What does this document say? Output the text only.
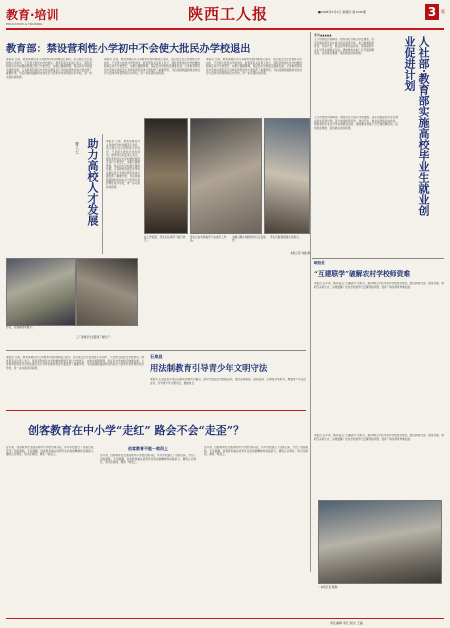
教育·培训
EDUCATION & TRAINING
陕西工人报	■2008年5月1日 星期四 第1345期	3	版
教育部：禁设营利性小学初中不会使大批民办学校退出
本报讯 日前，教育部就民办义务教育学校问题答记者问，表示禁止设立营利性小学初中，不会使大批民办学校退出。教育部有关负责人表示，现有营利性民办学校要按照规定进行分类登记，实施过渡期管理，保证民办学校稳定健康发展。义务教育阶段民办学校在满足家长多样化教育需求方面发挥了重要作用，今后将继续鼓励和支持社会力量举办非营利性民办学校，进一步完善扶持政策。
本报讯 日前，教育部就民办义务教育学校问题答记者问，表示禁止设立营利性小学初中，不会使大批民办学校退出。教育部有关负责人表示，现有营利性民办学校要按照规定进行分类登记，实施过渡期管理，保证民办学校稳定健康发展。义务教育阶段民办学校在满足家长多样化教育需求方面发挥了重要作用，今后将继续鼓励和支持社会力量举办非营利性民办学校，进一步完善扶持政策。
本报讯 日前，教育部就民办义务教育学校问题答记者问，表示禁止设立营利性小学初中，不会使大批民办学校退出。教育部有关负责人表示，现有营利性民办学校要按照规定进行分类登记，实施过渡期管理，保证民办学校稳定健康发展。义务教育阶段民办学校在满足家长多样化教育需求方面发挥了重要作用，今后将继续鼓励和支持社会力量举办非营利性民办学校，进一步完善扶持政策。
助力高校人才发展
曹八七
本报讯 日前，教育部就民办义务教育学校问题答记者问，表示禁止设立营利性小学初中，不会使大批民办学校退出。教育部有关负责人表示，现有营利性民办学校要按照规定进行分类登记，实施过渡期管理，保证民办学校稳定健康发展。义务教育阶段民办学校在满足家长多样化教育需求方面发挥了重要作用，今后将继续鼓励和支持社会力量举办非营利性民办学校，进一步完善扶持政策。
学员，在观看技术展示。
工厂参观学生近距离了解生产。
在工作室里，学生们认真学习装订技艺。
学生们在老师指导下完成手工作品。
书画兴趣小组的同学们正在创作。
学生们参观校园文化展示。
本报记者 刘继 摄
要闻▲▲▲▲▲
人力资源社会保障部、教育部近日联合印发通知，决定实施高校毕业生就业创业促进计划，着力加强政策宣传、岗位开发、就业指导和创业扶持，帮助高校毕业生尽早实现就业创业。通知要求各地广泛开展招聘活动，拓宽就业渠道，落实就业扶持政策。	人社部·教育部实施高校毕业生就业创业促进计划
人力资源社会保障部、教育部近日联合印发通知，决定实施高校毕业生就业创业促进计划，着力加强政策宣传、岗位开发、就业指导和创业扶持，帮助高校毕业生尽早实现就业创业。通知要求各地广泛开展招聘活动，拓宽就业渠道，落实就业扶持政策。
峡阳县
“互建联学”破解农村学校师资难
本报讯 近年来，峡阳县以“互建联学”为抓手，组织城区学校与农村学校结对帮扶，通过教师交流、课堂共建、教研互动等方式，有效缓解了农村学校师资力量薄弱的问题，促进了城乡教育均衡发展。
石泉县
用法制教育引导青少年文明守法
本报讯 石泉县近年来以法制宣传教育为重点，组织开展法治进校园活动，通过法制讲座、模拟法庭、主题班会等形式，增强青少年法治意识，引导青少年文明守法，健康成长。
本报讯 日前，教育部就民办义务教育学校问题答记者问，表示禁止设立营利性小学初中，不会使大批民办学校退出。教育部有关负责人表示，现有营利性民办学校要按照规定进行分类登记，实施过渡期管理，保证民办学校稳定健康发展。义务教育阶段民办学校在满足家长多样化教育需求方面发挥了重要作用，今后将继续鼓励和支持社会力量举办非营利性民办学校，进一步完善扶持政策。
创客教育在中小学“走红” 路会不会“走歪”？
近年来，创客教育在全国各地中小学校迅速兴起，许多学校建立了创客空间，开设了创客课程。专家提醒，创客教育重在培养学生的创新精神和实践能力，要防止功利化、形式化倾向，避免一哄而上。
创客教育不能一哄而上
近年来，创客教育在全国各地中小学校迅速兴起，许多学校建立了创客空间，开设了创客课程。专家提醒，创客教育重在培养学生的创新精神和实践能力，要防止功利化、形式化倾向，避免一哄而上。
近年来，创客教育在全国各地中小学校迅速兴起，许多学校建立了创客空间，开设了创客课程。专家提醒，创客教育重在培养学生的创新精神和实践能力，要防止功利化、形式化倾向，避免一哄而上。
（本报记者 陈静）
本报讯 近年来，峡阳县以“互建联学”为抓手，组织城区学校与农村学校结对帮扶，通过教师交流、课堂共建、教研互动等方式，有效缓解了农村学校师资力量薄弱的问题，促进了城乡教育均衡发展。
责任编辑 李红 版式 王磊
